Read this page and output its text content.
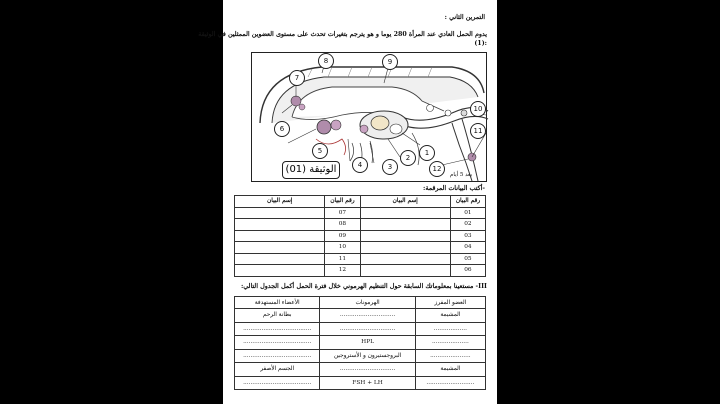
التمرين الثاني :
يدوم الحمل العادي عند المرأة 280 يوما و هو يترجم بتغيرات تحدث على مستوى العضوين الممثلين في الوثيقة
:(1)
8	9
7
6
5
4	3
2
1
10
11
12
الوثيقة (01)	بعد 5 أيام
-أكتب البيانات المرقمة:
رقم البيان	إسم البيان	رقم البيان	إسم البيان
01		07	
02		08	
03		09	
04		10	
05		11	
06		12	
III- مستعينا بمعلوماتك السابقة حول التنظيم الهرموني خلال فترة الحمل أكمل الجدول التالي:
العضو المفرز	الهرمونات	الأعضاء المستهدفة
المشيمة	..............................	بطانة الرحم
..................	..............................	.....................................
....................	HPL	.....................................
......................	البروجستيرون و الأستروجين	.....................................
المشيمة	..............................	الجسم الأصفر
..........................	FSH + LH	.....................................
